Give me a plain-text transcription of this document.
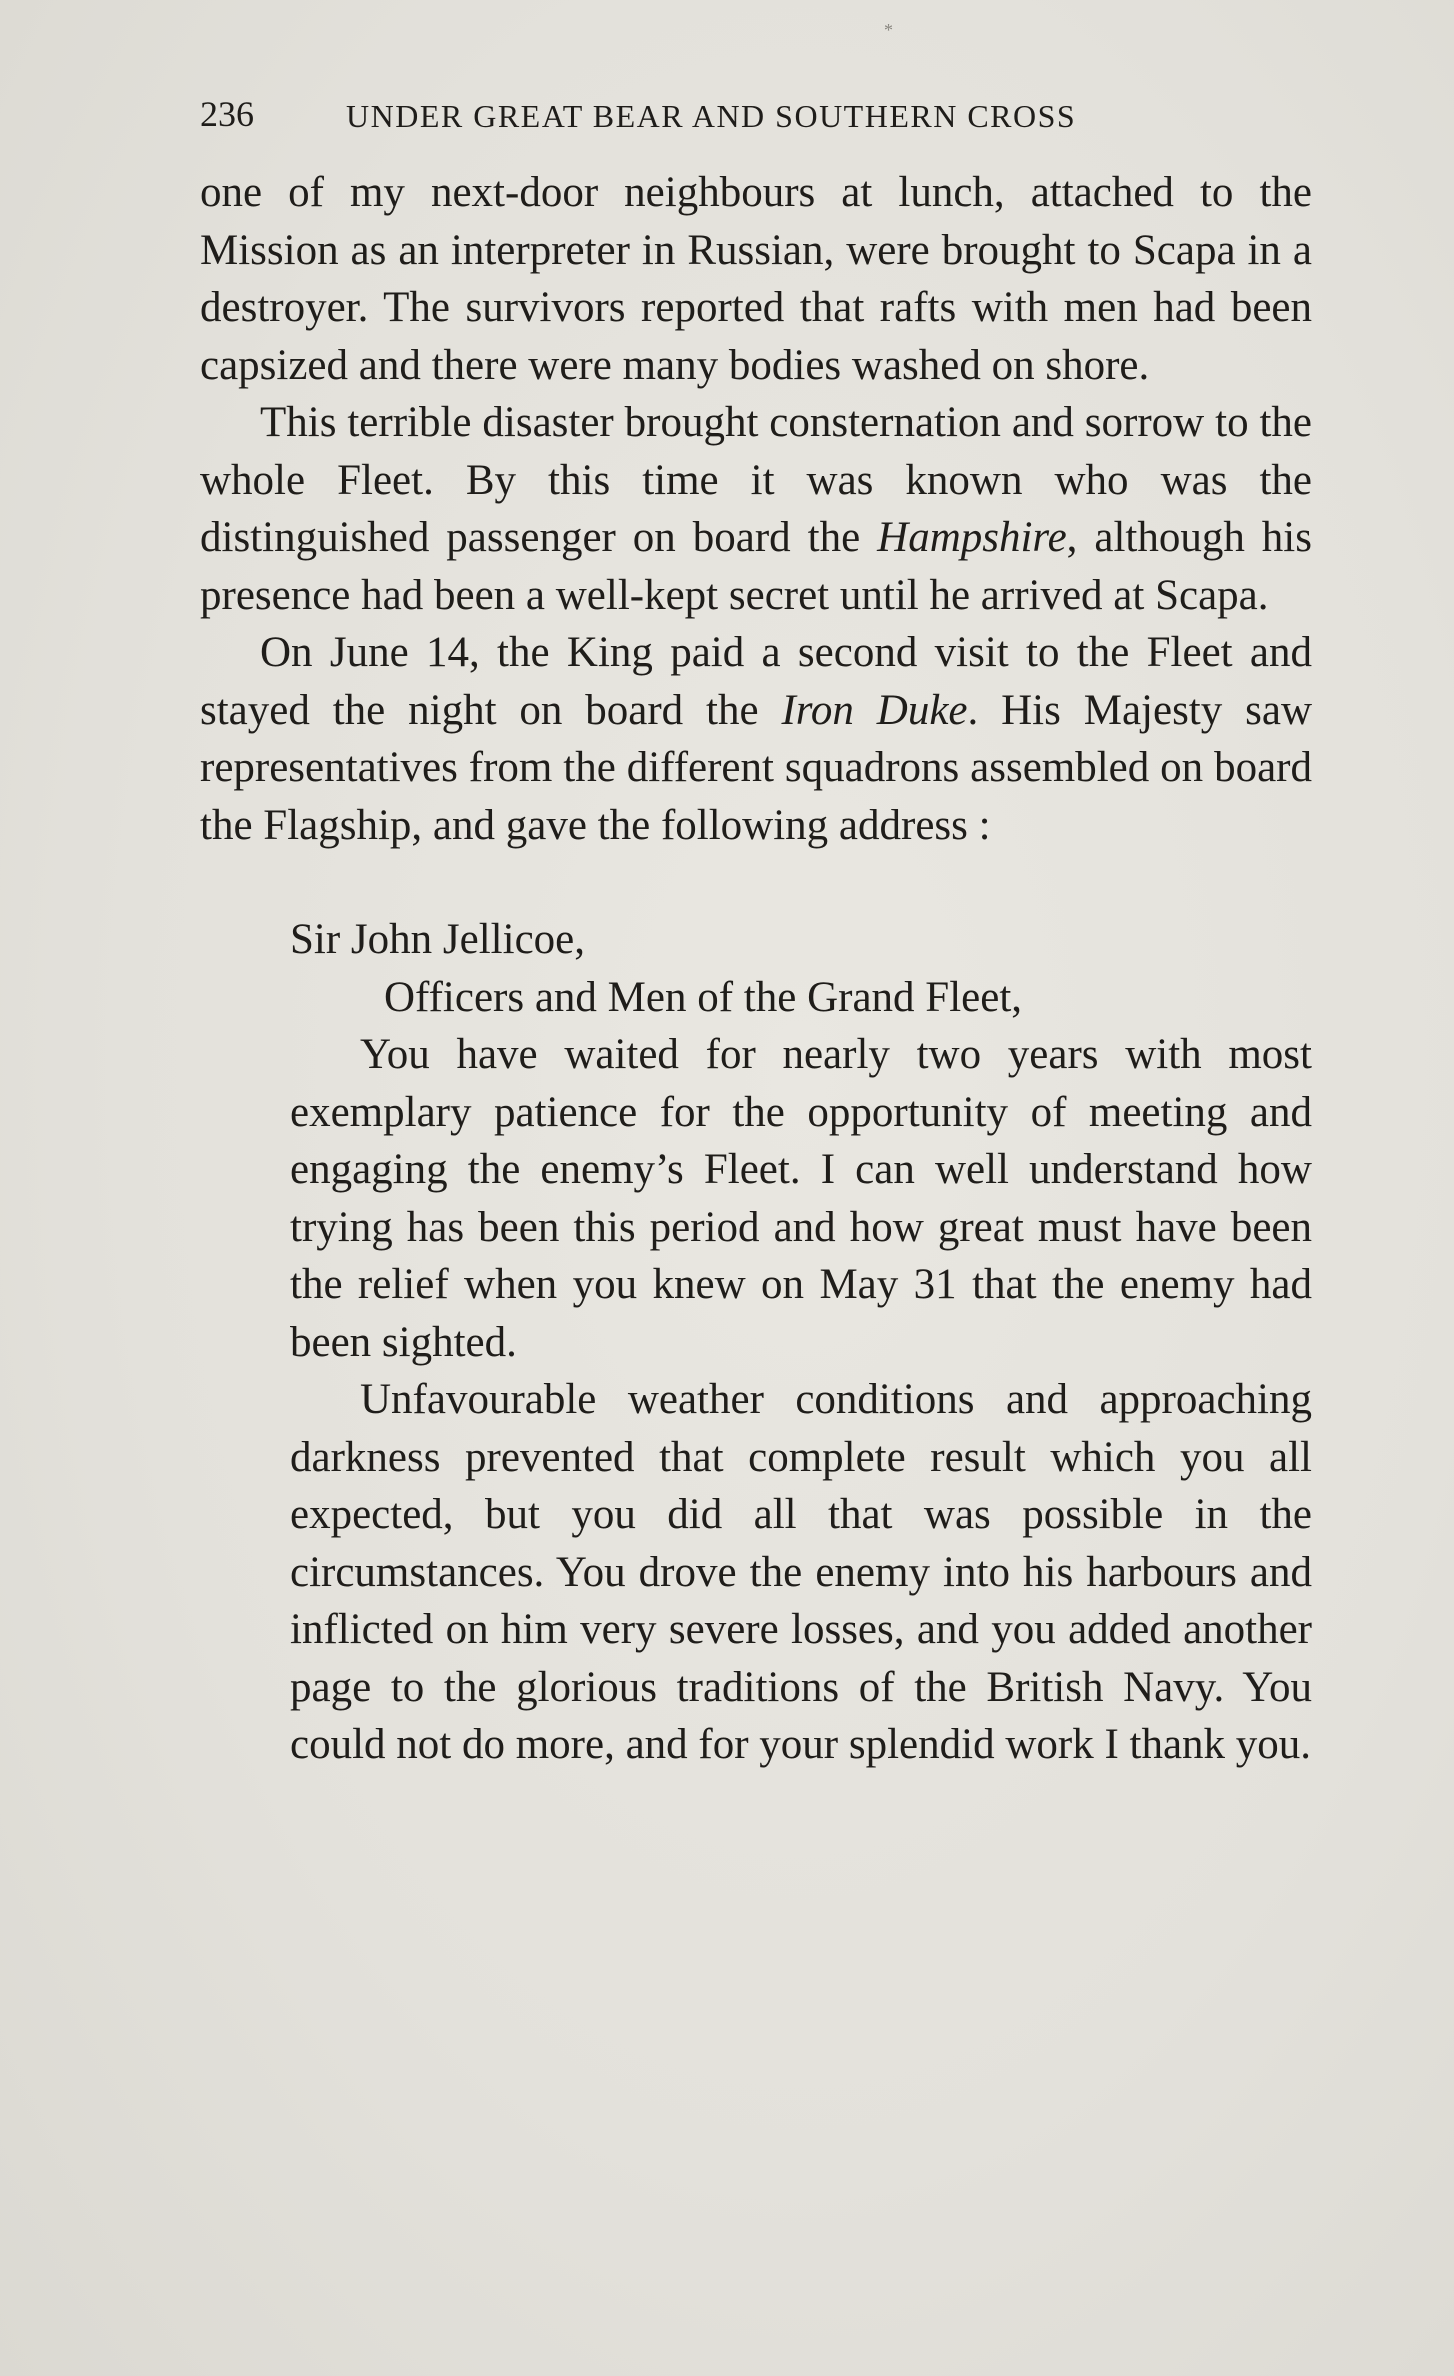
*
236	UNDER GREAT BEAR AND SOUTHERN CROSS

one of my next-door neighbours at lunch, attached to the Mission as an interpreter in Russian, were brought to Scapa in a destroyer. The survivors reported that rafts with men had been capsized and there were many bodies washed on shore.

This terrible disaster brought consternation and sorrow to the whole Fleet. By this time it was known who was the distinguished passenger on board the Hampshire, although his presence had been a well-kept secret until he arrived at Scapa.

On June 14, the King paid a second visit to the Fleet and stayed the night on board the Iron Duke. His Majesty saw representatives from the different squadrons assembled on board the Flagship, and gave the following address :

Sir John Jellicoe,

Officers and Men of the Grand Fleet,

You have waited for nearly two years with most exemplary patience for the opportunity of meeting and engaging the enemy’s Fleet. I can well understand how trying has been this period and how great must have been the relief when you knew on May 31 that the enemy had been sighted.

Unfavourable weather conditions and approaching darkness prevented that complete result which you all expected, but you did all that was possible in the circumstances. You drove the enemy into his harbours and inflicted on him very severe losses, and you added another page to the glorious traditions of the British Navy. You could not do more, and for your splendid work I thank you.
